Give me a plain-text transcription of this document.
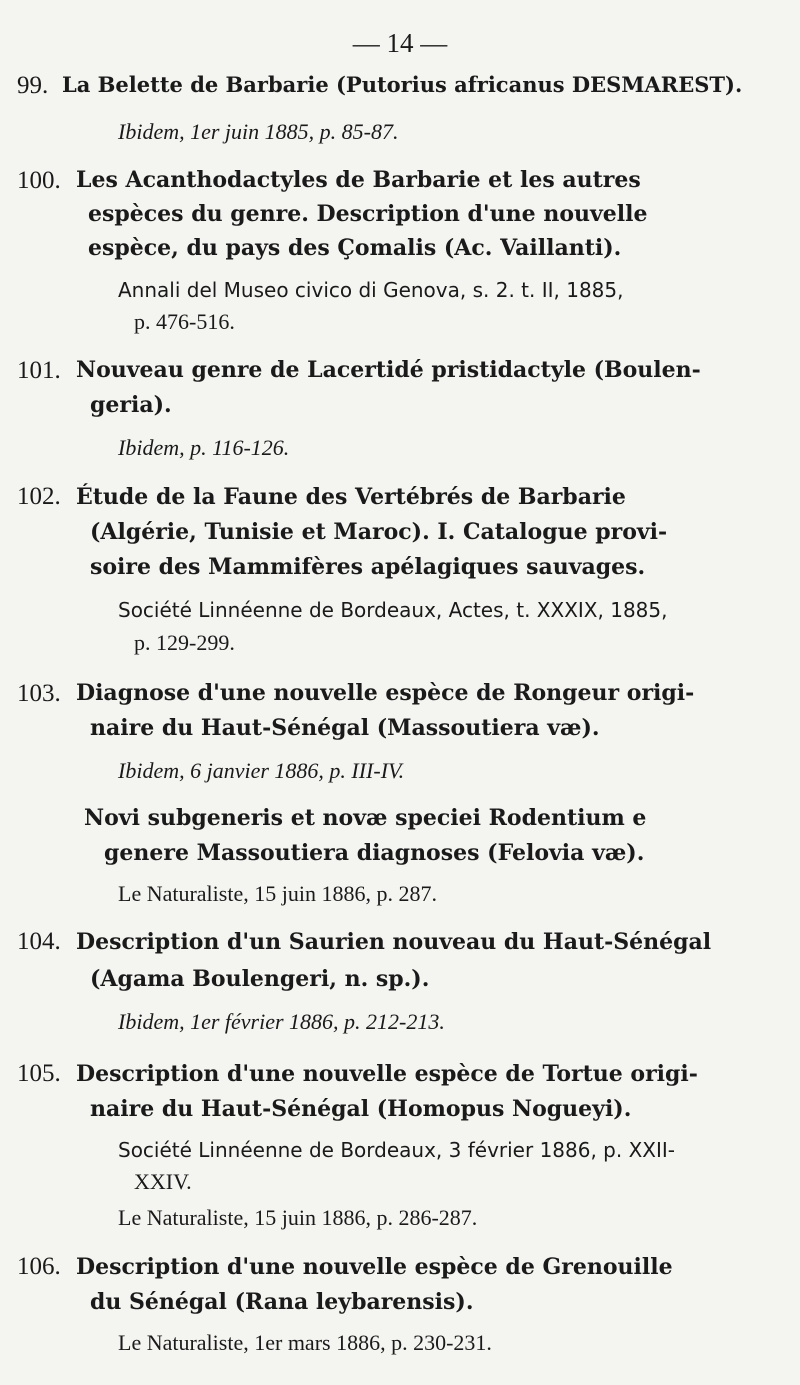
— 14 —
99. La Belette de Barbarie (Putorius africanus DESMAREST).
Ibidem, 1er juin 1885, p. 85-87.
100. Les Acanthodactyles de Barbarie et les autres
espèces du genre. Description d'une nouvelle
espèce, du pays des Çomalis (Ac. Vaillanti).
Annali del Museo civico di Genova, s. 2. t. II, 1885,
p. 476-516.
101. Nouveau genre de Lacertidé pristidactyle (Boulen-
geria).
Ibidem, p. 116-126.
102. Étude de la Faune des Vertébrés de Barbarie
(Algérie, Tunisie et Maroc). I. Catalogue provi-
soire des Mammifères apélagiques sauvages.
Société Linnéenne de Bordeaux, Actes, t. XXXIX, 1885,
p. 129-299.
103. Diagnose d'une nouvelle espèce de Rongeur origi-
naire du Haut-Sénégal (Massoutiera væ).
Ibidem, 6 janvier 1886, p. III-IV.
Novi subgeneris et novæ speciei Rodentium e
genere Massoutiera diagnoses (Felovia væ).
Le Naturaliste, 15 juin 1886, p. 287.
104. Description d'un Saurien nouveau du Haut-Sénégal
(Agama Boulengeri, n. sp.).
Ibidem, 1er février 1886, p. 212-213.
105. Description d'une nouvelle espèce de Tortue origi-
naire du Haut-Sénégal (Homopus Nogueyi).
Société Linnéenne de Bordeaux, 3 février 1886, p. XXII-
XXIV.
Le Naturaliste, 15 juin 1886, p. 286-287.
106. Description d'une nouvelle espèce de Grenouille
du Sénégal (Rana leybarensis).
Le Naturaliste, 1er mars 1886, p. 230-231.
